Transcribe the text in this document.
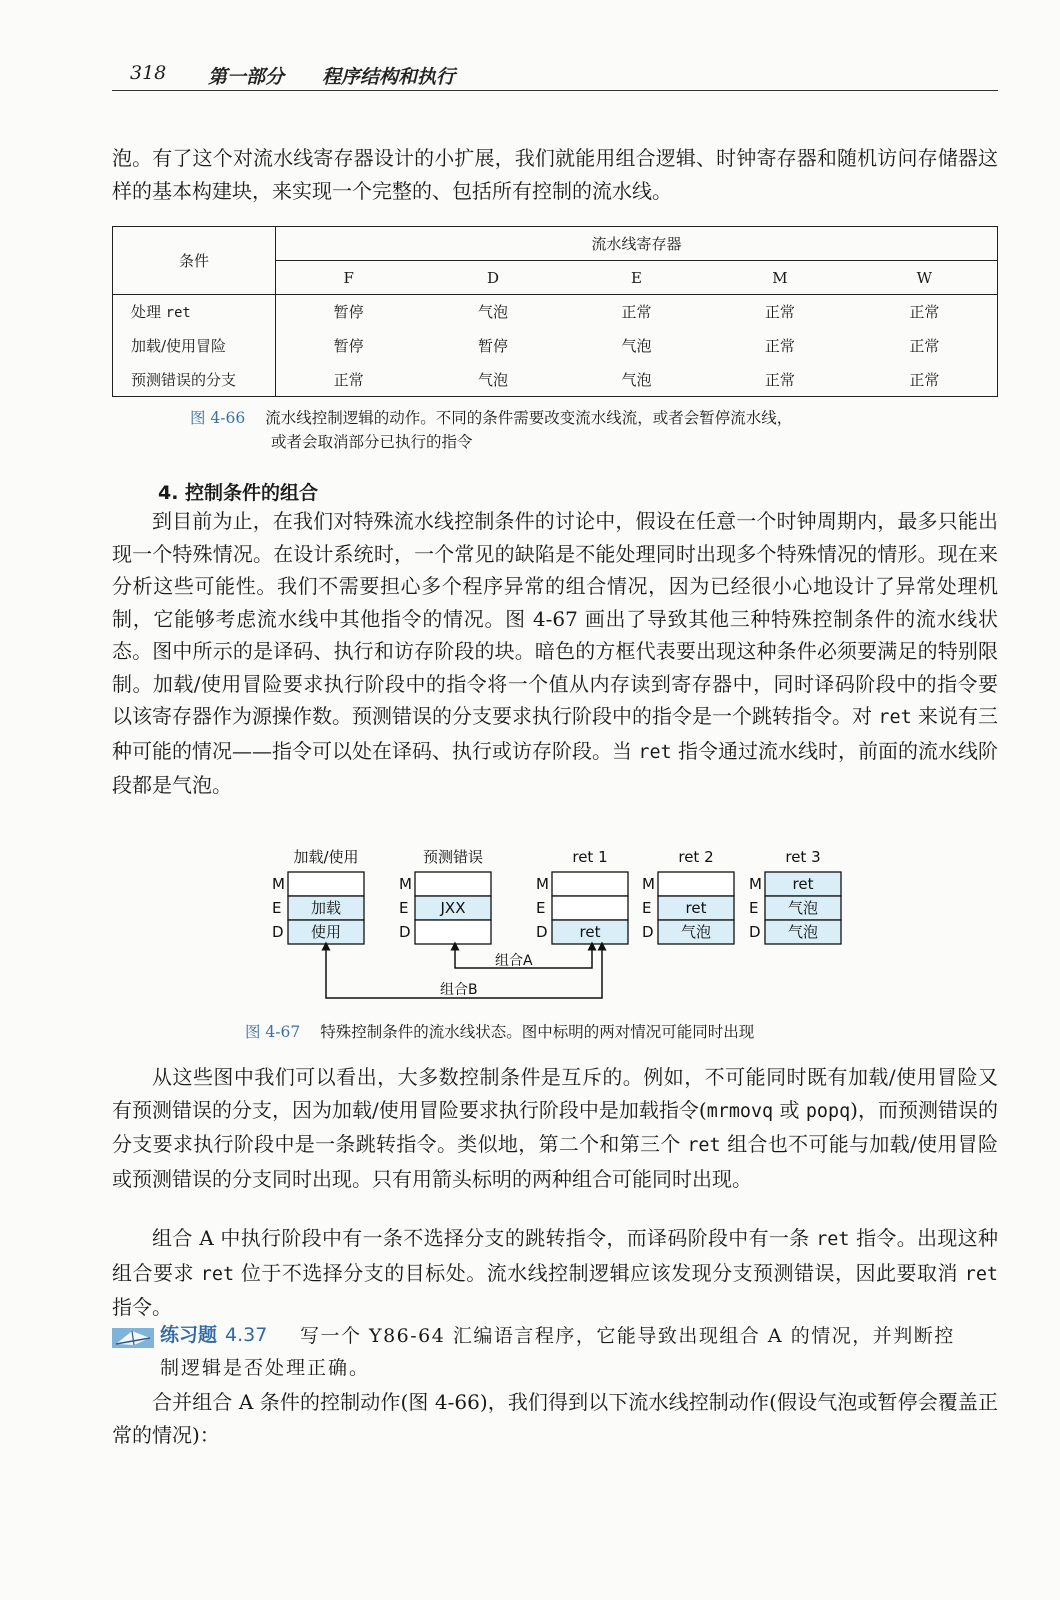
318 第一部分 程序结构和执行

泡。有了这个对流水线寄存器设计的小扩展，我们就能用组合逻辑、时钟寄存器和随机访问存储器这样的基本构建块，来实现一个完整的、包括所有控制的流水线。

条件	流水线寄存器				
	F	D	E	M	W
处理 ret	暂停	气泡	正常	正常	正常
加载/使用冒险	暂停	暂停	气泡	正常	正常
预测错误的分支	正常	气泡	气泡	正常	正常
图 4-66 流水线控制逻辑的动作。不同的条件需要改变流水线流，或者会暂停流水线，
或者会取消部分已执行的指令
4. 控制条件的组合

到目前为止，在我们对特殊流水线控制条件的讨论中，假设在任意一个时钟周期内，最多只能出现一个特殊情况。在设计系统时，一个常见的缺陷是不能处理同时出现多个特殊情况的情形。现在来分析这些可能性。我们不需要担心多个程序异常的组合情况，因为已经很小心地设计了异常处理机制，它能够考虑流水线中其他指令的情况。图 4-67 画出了导致其他三种特殊控制条件的流水线状态。图中所示的是译码、执行和访存阶段的块。暗色的方框代表要出现这种条件必须要满足的特别限制。加载/使用冒险要求执行阶段中的指令将一个值从内存读到寄存器中，同时译码阶段中的指令要以该寄存器作为源操作数。预测错误的分支要求执行阶段中的指令是一个跳转指令。对 ret 来说有三种可能的情况——指令可以处在译码、执行或访存阶段。当 ret 指令通过流水线时，前面的流水线阶段都是气泡。

加载/使用
M
E 加载
D 使用
预测错误
M
E JXX
D
ret 1
M
E
D ret
ret 2
M
E ret
D 气泡
ret 3
M ret
E 气泡
D 气泡
组合A
组合B
图 4-67 特殊控制条件的流水线状态。图中标明的两对情况可能同时出现

从这些图中我们可以看出，大多数控制条件是互斥的。例如，不可能同时既有加载/使用冒险又有预测错误的分支，因为加载/使用冒险要求执行阶段中是加载指令(mrmovq 或 popq)，而预测错误的分支要求执行阶段中是一条跳转指令。类似地，第二个和第三个 ret 组合也不可能与加载/使用冒险或预测错误的分支同时出现。只有用箭头标明的两种组合可能同时出现。

组合 A 中执行阶段中有一条不选择分支的跳转指令，而译码阶段中有一条 ret 指令。出现这种组合要求 ret 位于不选择分支的目标处。流水线控制逻辑应该发现分支预测错误，因此要取消 ret 指令。

练习题 4.37 写一个 Y86-64 汇编语言程序，它能导致出现组合 A 的情况，并判断控

制逻辑是否处理正确。

合并组合 A 条件的控制动作(图 4-66)，我们得到以下流水线控制动作(假设气泡或暂停会覆盖正常的情况)：
